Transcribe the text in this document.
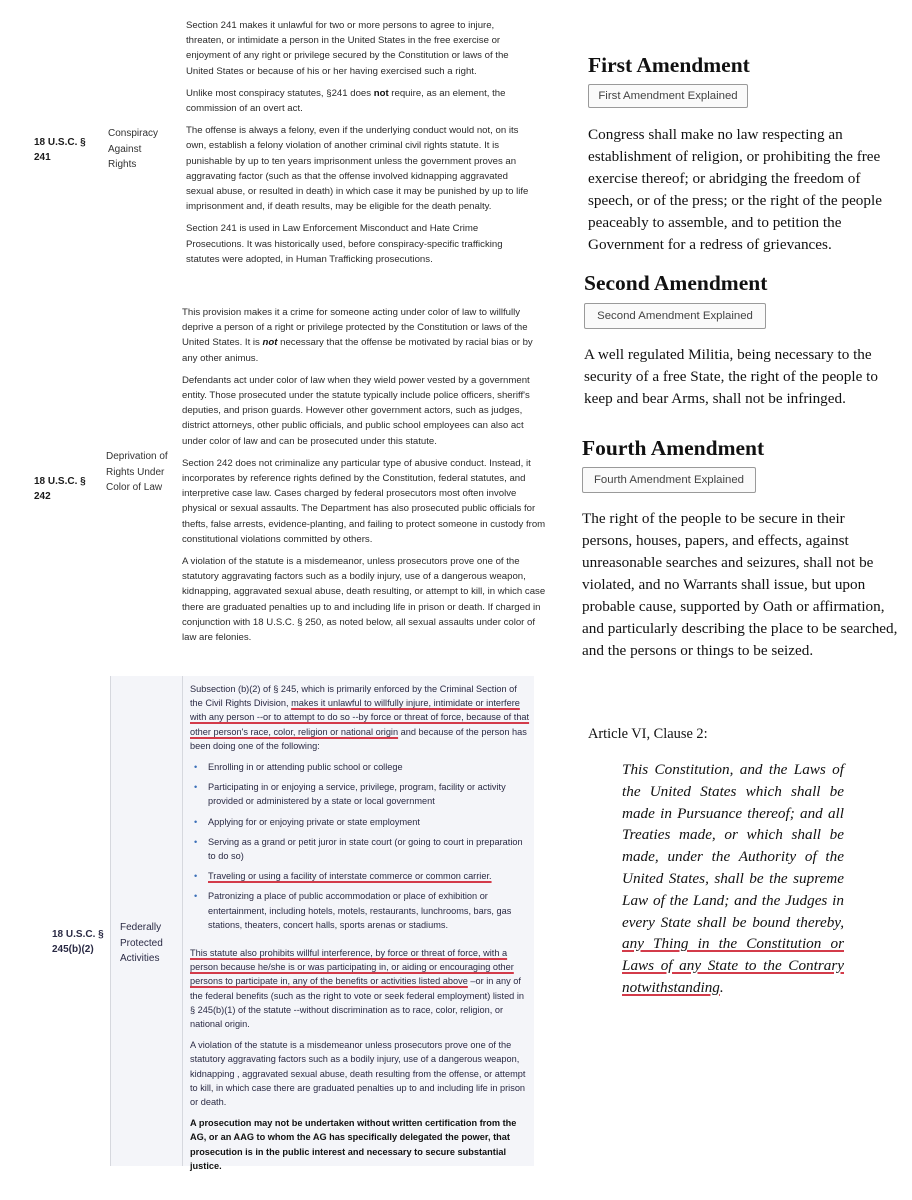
18 U.S.C. § 241
Conspiracy Against Rights

Section 241 makes it unlawful for two or more persons to agree to injure, threaten, or intimidate a person in the United States in the free exercise or enjoyment of any right or privilege secured by the Constitution or laws of the United States or because of his or her having exercised such a right.

Unlike most conspiracy statutes, §241 does not require, as an element, the commission of an overt act.

The offense is always a felony, even if the underlying conduct would not, on its own, establish a felony violation of another criminal civil rights statute. It is punishable by up to ten years imprisonment unless the government proves an aggravating factor (such as that the offense involved kidnapping aggravated sexual abuse, or resulted in death) in which case it may be punished by up to life imprisonment and, if death results, may be eligible for the death penalty.

Section 241 is used in Law Enforcement Misconduct and Hate Crime Prosecutions. It was historically used, before conspiracy-specific trafficking statutes were adopted, in Human Trafficking prosecutions.

18 U.S.C. § 242
Deprivation of Rights Under Color of Law

This provision makes it a crime for someone acting under color of law to willfully deprive a person of a right or privilege protected by the Constitution or laws of the United States. It is not necessary that the offense be motivated by racial bias or by any other animus.

Defendants act under color of law when they wield power vested by a government entity. Those prosecuted under the statute typically include police officers, sheriff's deputies, and prison guards. However other government actors, such as judges, district attorneys, other public officials, and public school employees can also act under color of law and can be prosecuted under this statute.

Section 242 does not criminalize any particular type of abusive conduct. Instead, it incorporates by reference rights defined by the Constitution, federal statutes, and interpretive case law. Cases charged by federal prosecutors most often involve physical or sexual assaults. The Department has also prosecuted public officials for thefts, false arrests, evidence-planting, and failing to protect someone in custody from constitutional violations committed by others.

A violation of the statute is a misdemeanor, unless prosecutors prove one of the statutory aggravating factors such as a bodily injury, use of a dangerous weapon, kidnapping, aggravated sexual abuse, death resulting, or attempt to kill, in which case there are graduated penalties up to and including life in prison or death. If charged in conjunction with 18 U.S.C. § 250, as noted below, all sexual assaults under color of law are felonies.

18 U.S.C. § 245(b)(2)
Federally Protected Activities

Subsection (b)(2) of § 245, which is primarily enforced by the Criminal Section of the Civil Rights Division, makes it unlawful to willfully injure, intimidate or interfere with any person --or to attempt to do so --by force or threat of force, because of that other person's race, color, religion or national origin and because of the person has been doing one of the following:

• Enrolling in or attending public school or college
• Participating in or enjoying a service, privilege, program, facility or activity provided or administered by a state or local government
• Applying for or enjoying private or state employment
• Serving as a grand or petit juror in state court (or going to court in preparation to do so)
• Traveling or using a facility of interstate commerce or common carrier.
• Patronizing a place of public accommodation or place of exhibition or entertainment, including hotels, motels, restaurants, lunchrooms, bars, gas stations, theaters, concert halls, sports arenas or stadiums.

This statute also prohibits willful interference, by force or threat of force, with a person because he/she is or was participating in, or aiding or encouraging other persons to participate in, any of the benefits or activities listed above –or in any of the federal benefits (such as the right to vote or seek federal employment) listed in § 245(b)(1) of the statute --without discrimination as to race, color, religion, or national origin.

A violation of the statute is a misdemeanor unless prosecutors prove one of the statutory aggravating factors such as a bodily injury, use of a dangerous weapon, kidnapping , aggravated sexual abuse, death resulting from the offense, or attempt to kill, in which case there are graduated penalties up to and including life in prison or death.

A prosecution may not be undertaken without written certification from the AG, or an AAG to whom the AG has specifically delegated the power, that prosecution is in the public interest and necessary to secure substantial justice.

First Amendment
First Amendment Explained
Congress shall make no law respecting an establishment of religion, or prohibiting the free exercise thereof; or abridging the freedom of speech, or of the press; or the right of the people peaceably to assemble, and to petition the Government for a redress of grievances.
Second Amendment
Second Amendment Explained
A well regulated Militia, being necessary to the security of a free State, the right of the people to keep and bear Arms, shall not be infringed.
Fourth Amendment
Fourth Amendment Explained
The right of the people to be secure in their persons, houses, papers, and effects, against unreasonable searches and seizures, shall not be violated, and no Warrants shall issue, but upon probable cause, supported by Oath or affirmation, and particularly describing the place to be searched, and the persons or things to be seized.
Article VI, Clause 2:
This Constitution, and the Laws of the United States which shall be made in Pursuance thereof; and all Treaties made, or which shall be made, under the Authority of the United States, shall be the supreme Law of the Land; and the Judges in every State shall be bound thereby, any Thing in the Constitution or Laws of any State to the Contrary notwithstanding.
